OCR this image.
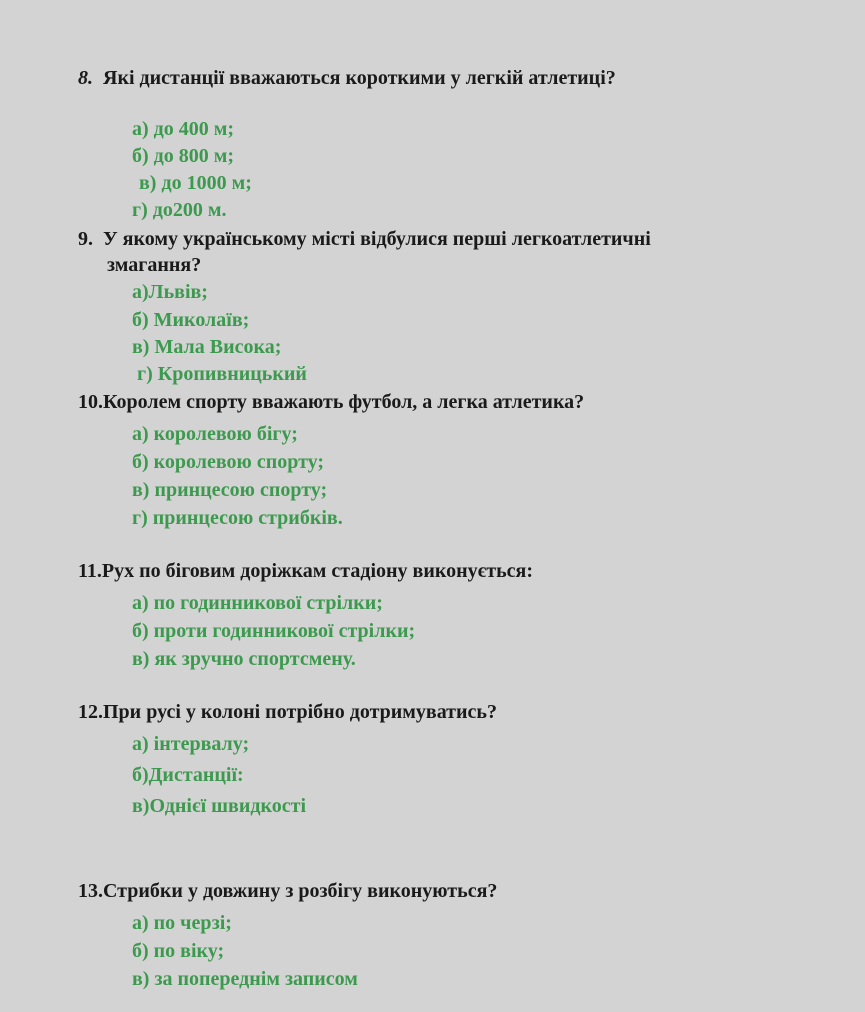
8. Які дистанції вважаються короткими у легкій атлетиці?
а) до 400 м;
б) до 800 м;
в) до 1000 м;
г) до200 м.
9. У якому українському місті відбулися перші легкоатлетичні
змагання?
а)Львів;
б) Миколаїв;
в) Мала Висока;
г) Кропивницький
10.Королем спорту вважають футбол, а легка атлетика?
а) королевою бігу;
б) королевою спорту;
в) принцесою спорту;
г) принцесою стрибків.
11.Рух по біговим доріжкам стадіону виконується:
а) по годинникової стрілки;
б) проти годинникової стрілки;
в) як зручно спортсмену.
12.При русі у колоні потрібно дотримуватись?
а) інтервалу;
б)Дистанції:
в)Однієї швидкості
13.Стрибки у довжину з розбігу виконуються?
а) по черзі;
б) по віку;
в) за попереднім записом
